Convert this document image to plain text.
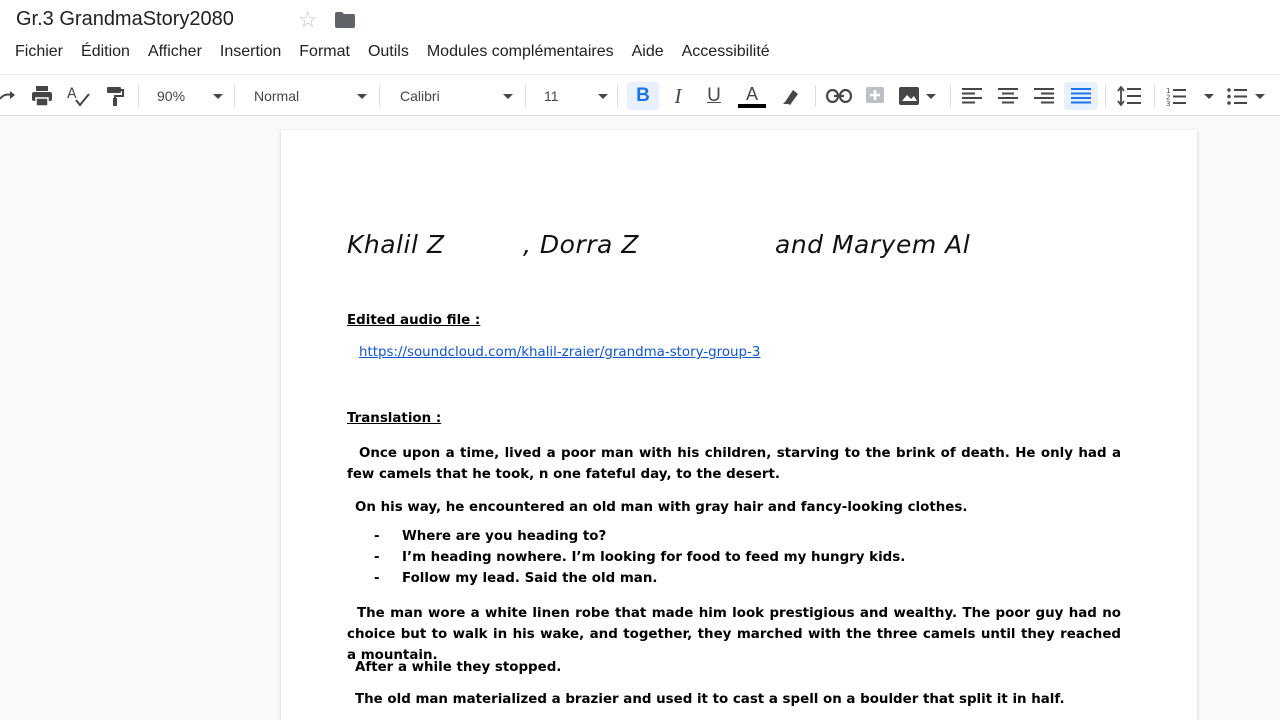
Gr.3 GrandmaStory2080	☆
Fichier Édition Afficher Insertion Format Outils Modules complémentaires Aide Accessibilité
A	90%	Normal	Calibri	11	B I U A	1
2
3
Khalil Z	, Dorra Z	and Maryem Al
Edited audio file :
https://soundcloud.com/khalil-zraier/grandma-story-group-3
Translation :
Once upon a time, lived a poor man with his children, starving to the brink of death. He only had a few camels that he took, n one fateful day, to the desert.
On his way, he encountered an old man with gray hair and fancy-looking clothes.
- Where are you heading to?
- I’m heading nowhere. I’m looking for food to feed my hungry kids.
- Follow my lead. Said the old man.
The man wore a white linen robe that made him look prestigious and wealthy. The poor guy had no choice but to walk in his wake, and together, they marched with the three camels until they reached a mountain.
After a while they stopped.
The old man materialized a brazier and used it to cast a spell on a boulder that split it in half.
